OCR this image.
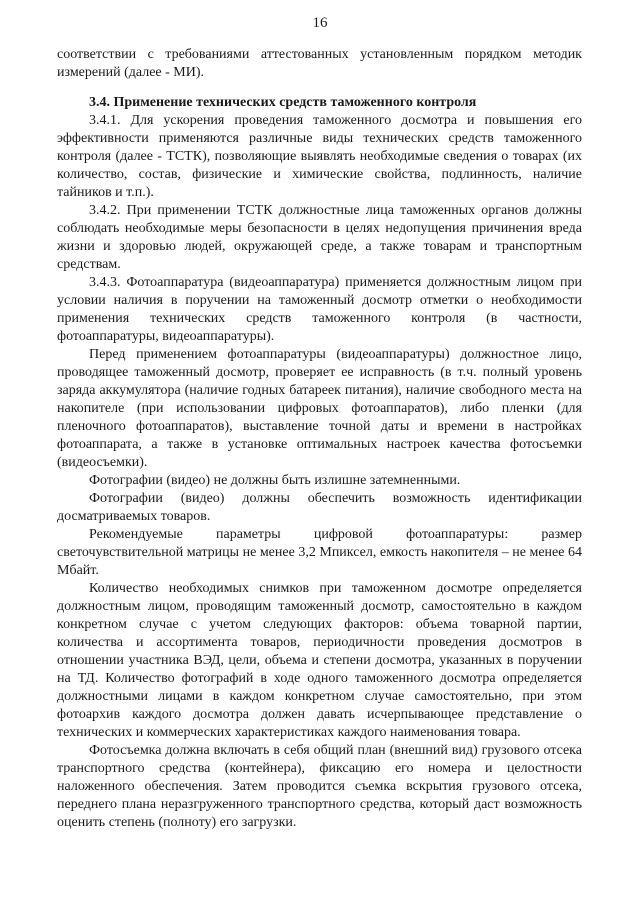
16

соответствии с требованиями аттестованных установленным порядком методик измерений (далее - МИ).

3.4. Применение технических средств таможенного контроля

3.4.1. Для ускорения проведения таможенного досмотра и повышения его эффективности применяются различные виды технических средств таможенного контроля (далее - ТСТК), позволяющие выявлять необходимые сведения о товарах (их количество, состав, физические и химические свойства, подлинность, наличие тайников и т.п.).

3.4.2. При применении ТСТК должностные лица таможенных органов должны соблюдать необходимые меры безопасности в целях недопущения причинения вреда жизни и здоровью людей, окружающей среде, а также товарам и транспортным средствам.

3.4.3. Фотоаппаратура (видеоаппаратура) применяется должностным лицом при условии наличия в поручении на таможенный досмотр отметки о необходимости применения технических средств таможенного контроля (в частности, фотоаппаратуры, видеоаппаратуры).

Перед применением фотоаппаратуры (видеоаппаратуры) должностное лицо, проводящее таможенный досмотр, проверяет ее исправность (в т.ч. полный уровень заряда аккумулятора (наличие годных батареек питания), наличие свободного места на накопителе (при использовании цифровых фотоаппаратов), либо пленки (для пленочного фотоаппаратов), выставление точной даты и времени в настройках фотоаппарата, а также в установке оптимальных настроек качества фотосъемки (видеосъемки).

Фотографии (видео) не должны быть излишне затемненными.

Фотографии (видео) должны обеспечить возможность идентификации досматриваемых товаров.

Рекомендуемые параметры цифровой фотоаппаратуры: размер светочувствительной матрицы не менее 3,2 Мпиксел, емкость накопителя – не менее 64 Мбайт.

Количество необходимых снимков при таможенном досмотре определяется должностным лицом, проводящим таможенный досмотр, самостоятельно в каждом конкретном случае с учетом следующих факторов: объема товарной партии, количества и ассортимента товаров, периодичности проведения досмотров в отношении участника ВЭД, цели, объема и степени досмотра, указанных в поручении на ТД. Количество фотографий в ходе одного таможенного досмотра определяется должностными лицами в каждом конкретном случае самостоятельно, при этом фотоархив каждого досмотра должен давать исчерпывающее представление о технических и коммерческих характеристиках каждого наименования товара.

Фотосъемка должна включать в себя общий план (внешний вид) грузового отсека транспортного средства (контейнера), фиксацию его номера и целостности наложенного обеспечения. Затем проводится съемка вскрытия грузового отсека, переднего плана неразгруженного транспортного средства, который даст возможность оценить степень (полноту) его загрузки.
